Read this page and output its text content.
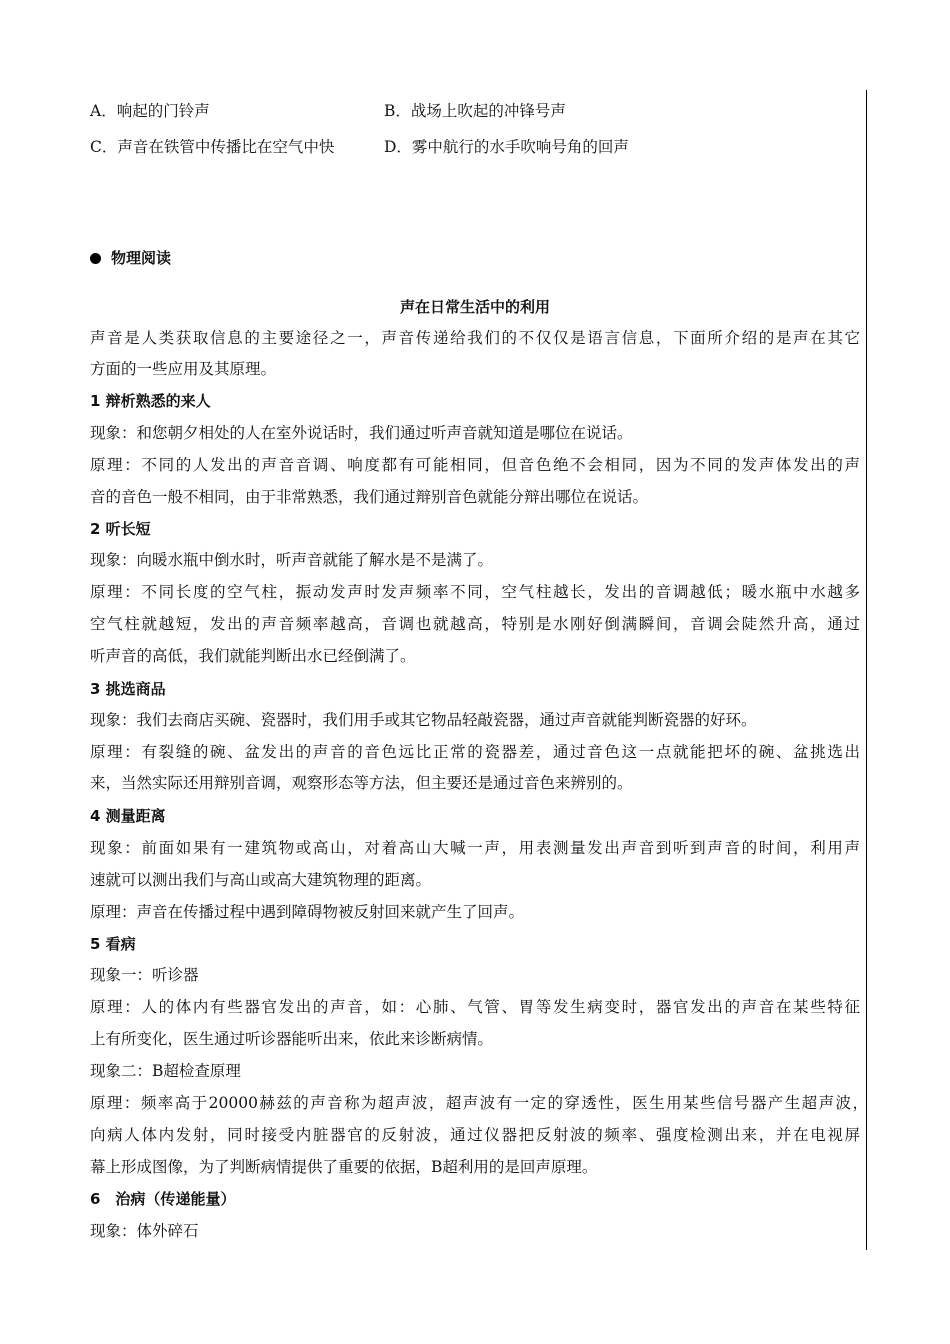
A．响起的门铃声	B．战场上吹起的冲锋号声
C．声音在铁管中传播比在空气中快	D．雾中航行的水手吹响号角的回声
物理阅读
声在日常生活中的利用
声音是人类获取信息的主要途径之一，声音传递给我们的不仅仅是语言信息，下面所介绍的是声在其它
方面的一些应用及其原理。
1 辩析熟悉的来人
现象：和您朝夕相处的人在室外说话时，我们通过听声音就知道是哪位在说话。
原理：不同的人发出的声音音调、响度都有可能相同，但音色绝不会相同，因为不同的发声体发出的声
音的音色一般不相同，由于非常熟悉，我们通过辩别音色就能分辩出哪位在说话。
2 听长短
现象：向暖水瓶中倒水时，听声音就能了解水是不是满了。
原理：不同长度的空气柱，振动发声时发声频率不同，空气柱越长，发出的音调越低；暖水瓶中水越多
空气柱就越短，发出的声音频率越高，音调也就越高，特别是水刚好倒满瞬间，音调会陡然升高，通过
听声音的高低，我们就能判断出水已经倒满了。
3 挑选商品
现象：我们去商店买碗、瓷器时，我们用手或其它物品轻敲瓷器，通过声音就能判断瓷器的好环。
原理：有裂缝的碗、盆发出的声音的音色远比正常的瓷器差，通过音色这一点就能把坏的碗、盆挑选出
来，当然实际还用辩别音调，观察形态等方法，但主要还是通过音色来辨别的。
4 测量距离
现象：前面如果有一建筑物或高山，对着高山大喊一声，用表测量发出声音到听到声音的时间，利用声
速就可以测出我们与高山或高大建筑物理的距离。
原理：声音在传播过程中遇到障碍物被反射回来就产生了回声。
5 看病
现象一：听诊器
原理：人的体内有些器官发出的声音，如：心肺、气管、胃等发生病变时，器官发出的声音在某些特征
上有所变化，医生通过听诊器能听出来，依此来诊断病情。
现象二：B超检查原理
原理：频率高于20000赫兹的声音称为超声波，超声波有一定的穿透性，医生用某些信号器产生超声波，
向病人体内发射，同时接受内脏器官的反射波，通过仪器把反射波的频率、强度检测出来，并在电视屏
幕上形成图像，为了判断病情提供了重要的依据，B超利用的是回声原理。
6　治病（传递能量）
现象：体外碎石
